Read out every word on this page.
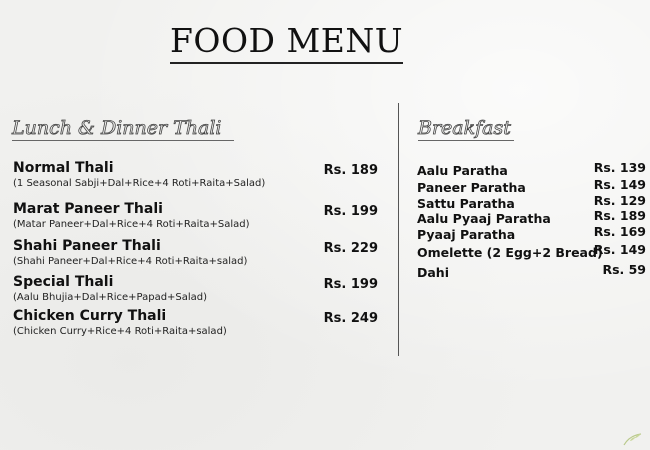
FOOD MENU
Lunch & Dinner Thali
Normal Thali
(1 Seasonal Sabji+Dal+Rice+4 Roti+Raita+Salad)
Rs. 189
Marat Paneer Thali
(Matar Paneer+Dal+Rice+4 Roti+Raita+Salad)
Rs. 199
Shahi Paneer Thali
(Shahi Paneer+Dal+Rice+4 Roti+Raita+salad)
Rs. 229
Special Thali
(Aalu Bhujia+Dal+Rice+Papad+Salad)
Rs. 199
Chicken Curry Thali
(Chicken Curry+Rice+4 Roti+Raita+salad)
Rs. 249
Breakfast
Aalu Paratha	Rs. 139
Paneer Paratha	Rs. 149
Sattu Paratha	Rs. 129
Aalu Pyaaj Paratha	Rs. 189
Pyaaj Paratha	Rs. 169
Omelette (2 Egg+2 Bread)
Rs. 149
Dahi	Rs. 59
